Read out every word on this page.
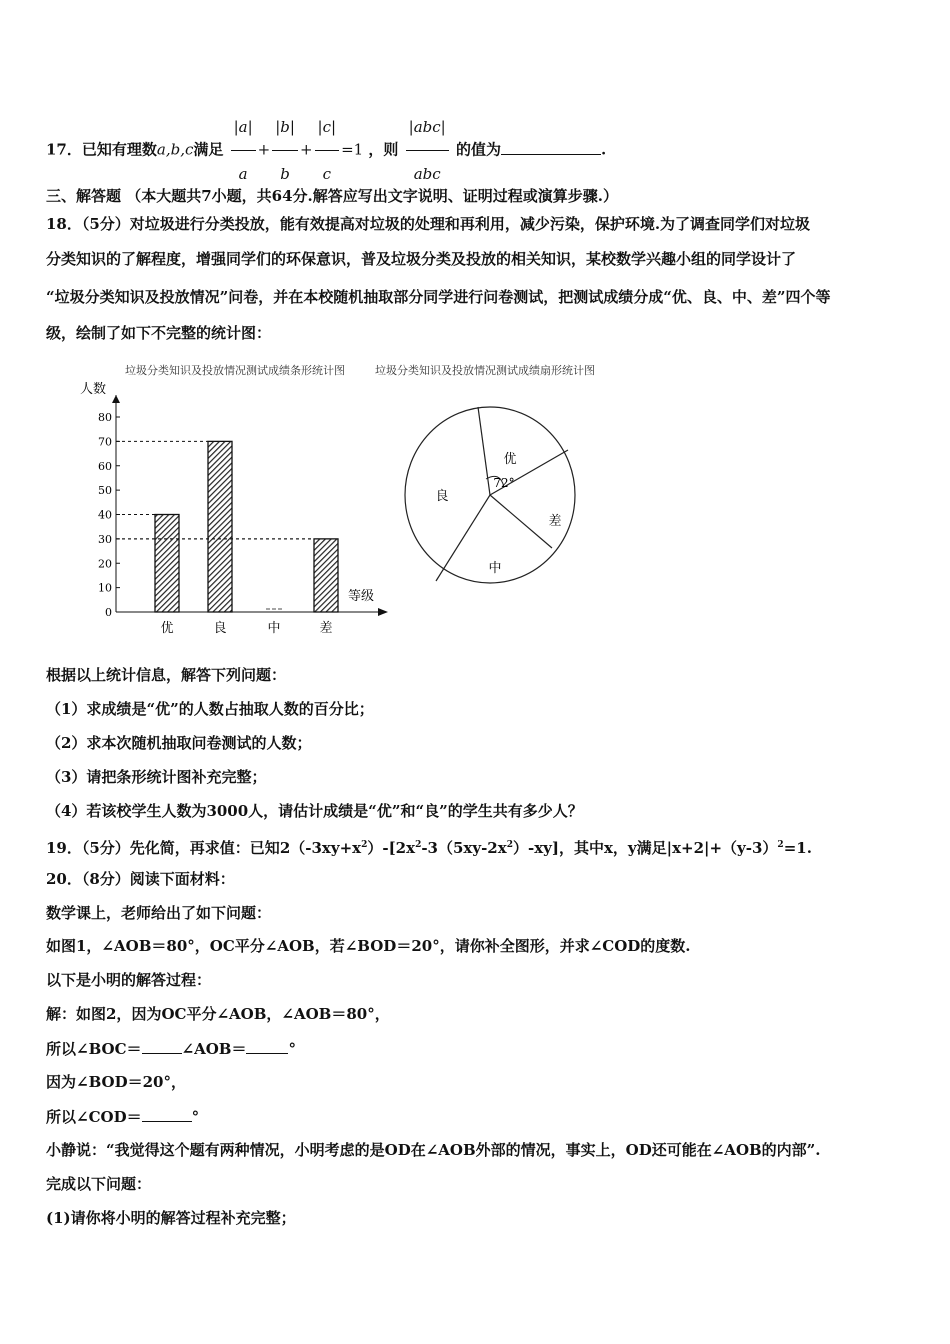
17．已知有理数a,b,c满足 $\frac{|a|}{a} + \frac{|b|}{b} + \frac{|c|}{c} =1$ ，则 $\frac{\text{|abc|}}{\text{abc}}$ 的值为	.
三、解答题 （本大题共7小题，共64分.解答应写出文字说明、证明过程或演算步骤.）
18．（5分）对垃圾进行分类投放，能有效提高对垃圾的处理和再利用，减少污染，保护环境.为了调查同学们对垃圾
分类知识的了解程度，增强同学们的环保意识，普及垃圾分类及投放的相关知识，某校数学兴趣小组的同学设计了
“垃圾分类知识及投放情况”问卷，并在本校随机抽取部分同学进行问卷测试，把测试成绩分成“优、良、中、差”四个等
级，绘制了如下不完整的统计图：
垃圾分类知识及投放情况测试成绩条形统计图	垃圾分类知识及投放情况测试成绩扇形统计图
人数
等级
0
10
20
30
40
50
60
70
80
优	良	中	差
优
差
中
良
72°
根据以上统计信息，解答下列问题：
（1）求成绩是“优”的人数占抽取人数的百分比；
（2）求本次随机抽取问卷测试的人数；
（3）请把条形统计图补充完整；
（4）若该校学生人数为3000人，请估计成绩是“优”和“良”的学生共有多少人？
19．（5分）先化简，再求值：已知$2(-3xy+x^2)-[2x^2-3(5xy-2x^2)-xy]$，其中x，y满足$|x+2|+(y-3)^2=1$.
20．（8分）阅读下面材料：
数学课上，老师给出了如下问题：
如图1，∠AOB＝80°，OC平分∠AOB，若∠BOD＝20°，请你补全图形，并求∠COD的度数.
以下是小明的解答过程：
解：如图2，因为OC平分∠AOB，∠AOB＝80°，
所以∠BOC＝	∠AOB＝	°
因为∠BOD＝20°，
所以∠COD＝	°
小静说：“我觉得这个题有两种情况，小明考虑的是OD在∠AOB外部的情况，事实上，OD还可能在∠AOB的内部”.
完成以下问题：
(1)请你将小明的解答过程补充完整；
